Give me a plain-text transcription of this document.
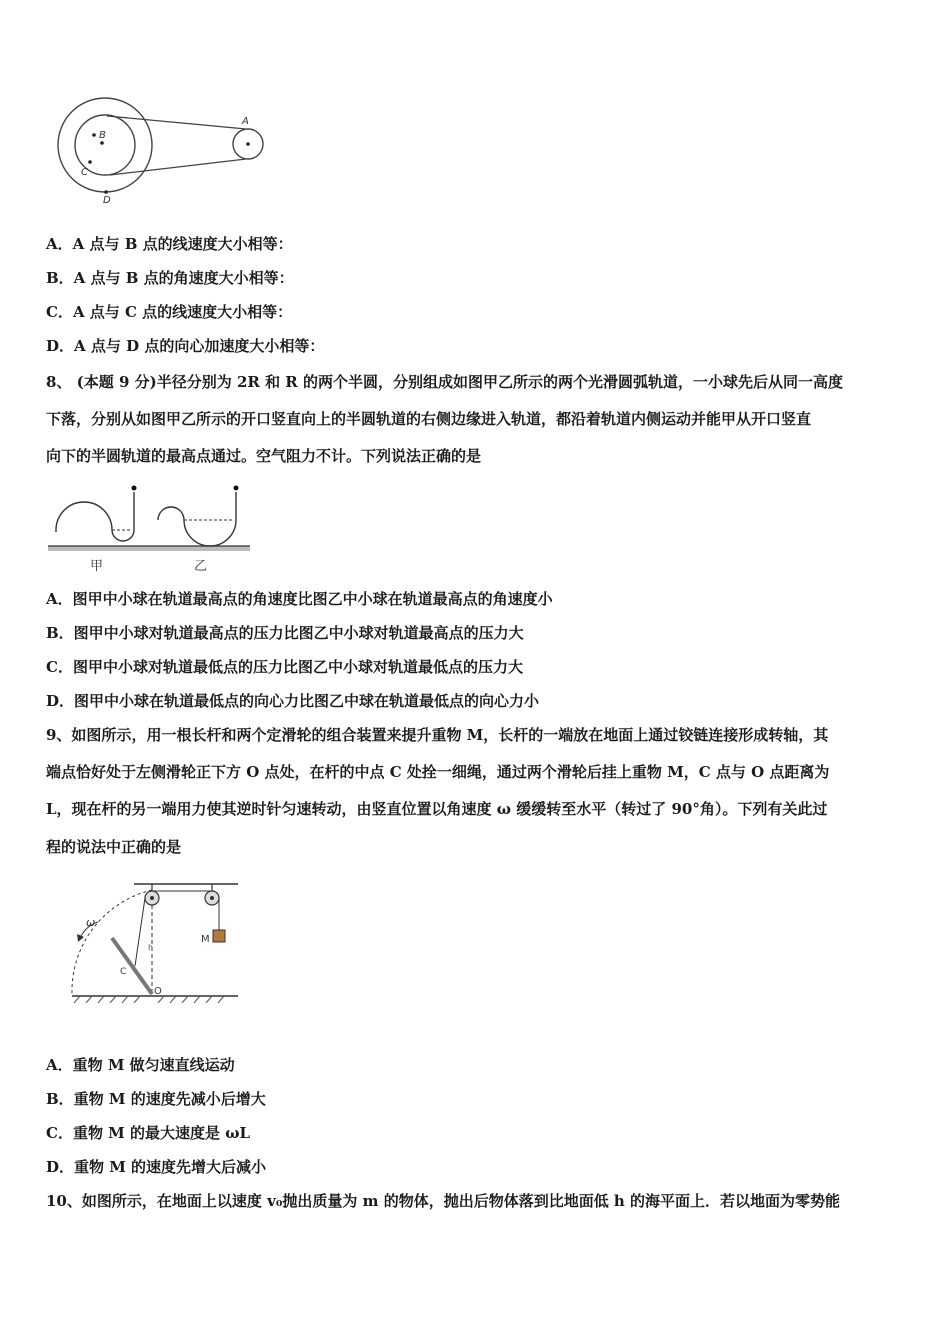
A
B
C
D
A．A 点与 B 点的线速度大小相等：
B．A 点与 B 点的角速度大小相等：
C．A 点与 C 点的线速度大小相等：
D．A 点与 D 点的向心加速度大小相等：
8、 (本题 9 分)半径分别为 2R 和 R 的两个半圆，分别组成如图甲乙所示的两个光滑圆弧轨道，一小球先后从同一高度
下落，分别从如图甲乙所示的开口竖直向上的半圆轨道的右侧边缘进入轨道，都沿着轨道内侧运动并能甲从开口竖直
向下的半圆轨道的最高点通过。空气阻力不计。下列说法正确的是
甲	乙
A．图甲中小球在轨道最高点的角速度比图乙中小球在轨道最高点的角速度小
B．图甲中小球对轨道最高点的压力比图乙中小球对轨道最高点的压力大
C．图甲中小球对轨道最低点的压力比图乙中小球对轨道最低点的压力大
D．图甲中小球在轨道最低点的向心力比图乙中球在轨道最低点的向心力小
9、如图所示，用一根长杆和两个定滑轮的组合装置来提升重物 M，长杆的一端放在地面上通过铰链连接形成转轴，其
端点恰好处于左侧滑轮正下方 O 点处，在杆的中点 C 处拴一细绳，通过两个滑轮后挂上重物 M，C 点与 O 点距离为
L，现在杆的另一端用力使其逆时针匀速转动，由竖直位置以角速度 ω 缓缓转至水平（转过了 90°角）。下列有关此过
程的说法中正确的是
M
h
ω
C
O
A．重物 M 做匀速直线运动
B．重物 M 的速度先减小后增大
C．重物 M 的最大速度是 ωL
D．重物 M 的速度先增大后减小
10、如图所示，在地面上以速度 v₀抛出质量为 m 的物体，抛出后物体落到比地面低 h 的海平面上．若以地面为零势能
